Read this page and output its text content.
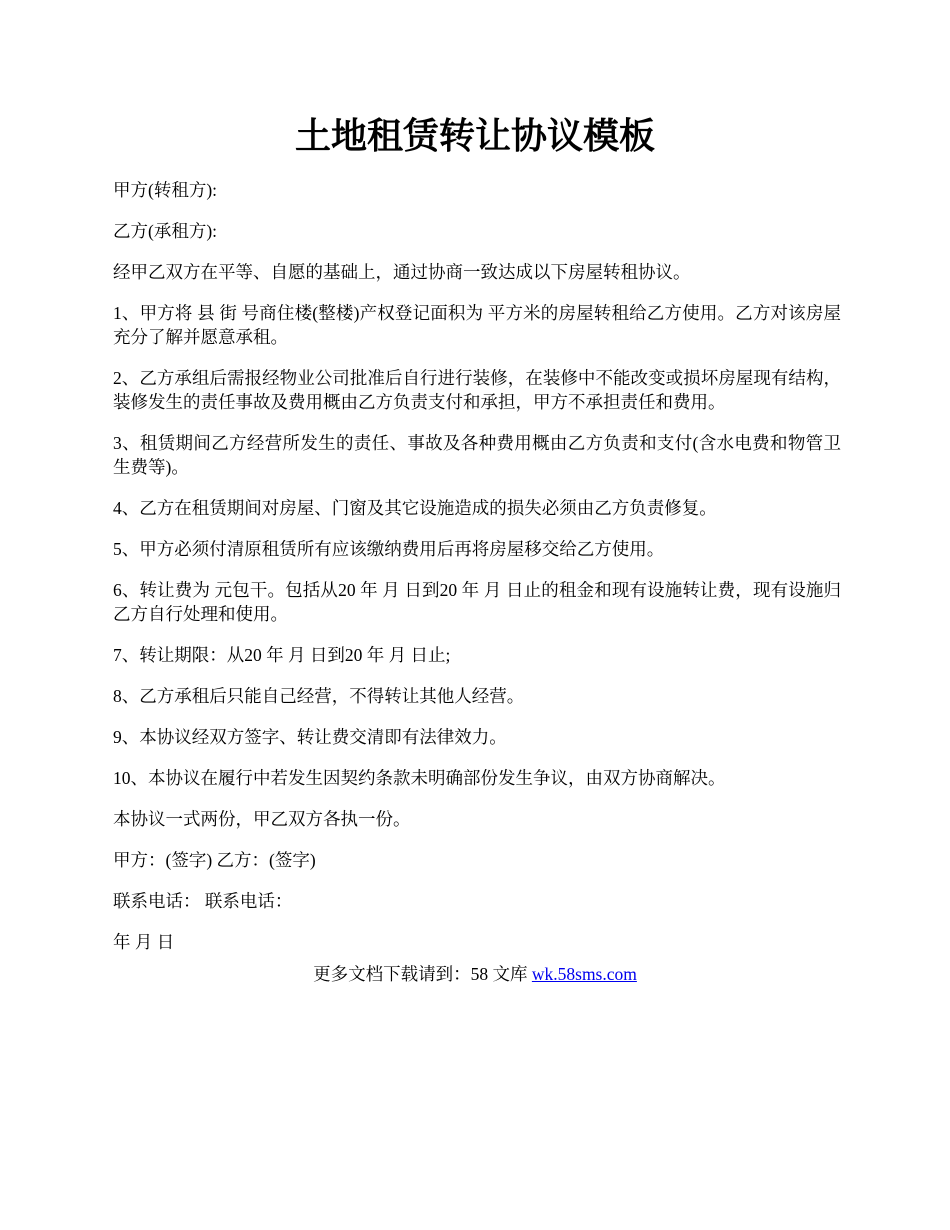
土地租赁转让协议模板

甲方(转租方):

乙方(承租方):

经甲乙双方在平等、自愿的基础上，通过协商一致达成以下房屋转租协议。

1、甲方将 县 街 号商住楼(整楼)产权登记面积为 平方米的房屋转租给乙方使用。乙方对该房屋充分了解并愿意承租。

2、乙方承组后需报经物业公司批准后自行进行装修，在装修中不能改变或损坏房屋现有结构，装修发生的责任事故及费用概由乙方负责支付和承担，甲方不承担责任和费用。

3、租赁期间乙方经营所发生的责任、事故及各种费用概由乙方负责和支付(含水电费和物管卫生费等)。

4、乙方在租赁期间对房屋、门窗及其它设施造成的损失必须由乙方负责修复。

5、甲方必须付清原租赁所有应该缴纳费用后再将房屋移交给乙方使用。

6、转让费为 元包干。包括从20 年 月 日到20 年 月 日止的租金和现有设施转让费，现有设施归乙方自行处理和使用。

7、转让期限：从20 年 月 日到20 年 月 日止;

8、乙方承租后只能自己经营，不得转让其他人经营。

9、本协议经双方签字、转让费交清即有法律效力。

10、本协议在履行中若发生因契约条款未明确部份发生争议，由双方协商解决。

本协议一式两份，甲乙双方各执一份。

甲方：(签字) 乙方：(签字)

联系电话： 联系电话：

年 月 日

更多文档下载请到：58 文库 wk.58sms.com
